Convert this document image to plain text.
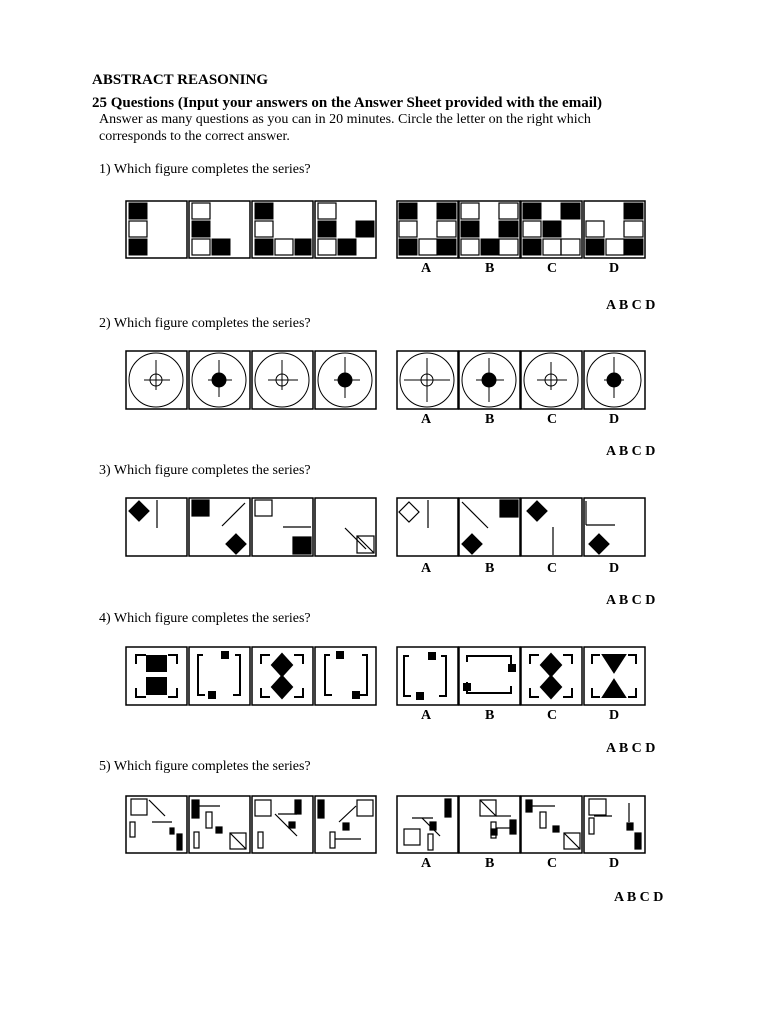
ABSTRACT REASONING
25 Questions (Input your answers on the Answer Sheet provided with the email)
Answer as many questions as you can in 20 minutes. Circle the letter on the right which
corresponds to the correct answer.
1) Which figure completes the series?
2) Which figure completes the series?
3) Which figure completes the series?
4) Which figure completes the series?
5) Which figure completes the series?
A	B	C	D
A	B	C	D
A	B	C	D
A	B	C	D
A	B	C	D
A B C D
A B C D
A B C D
A B C D
A B C D
